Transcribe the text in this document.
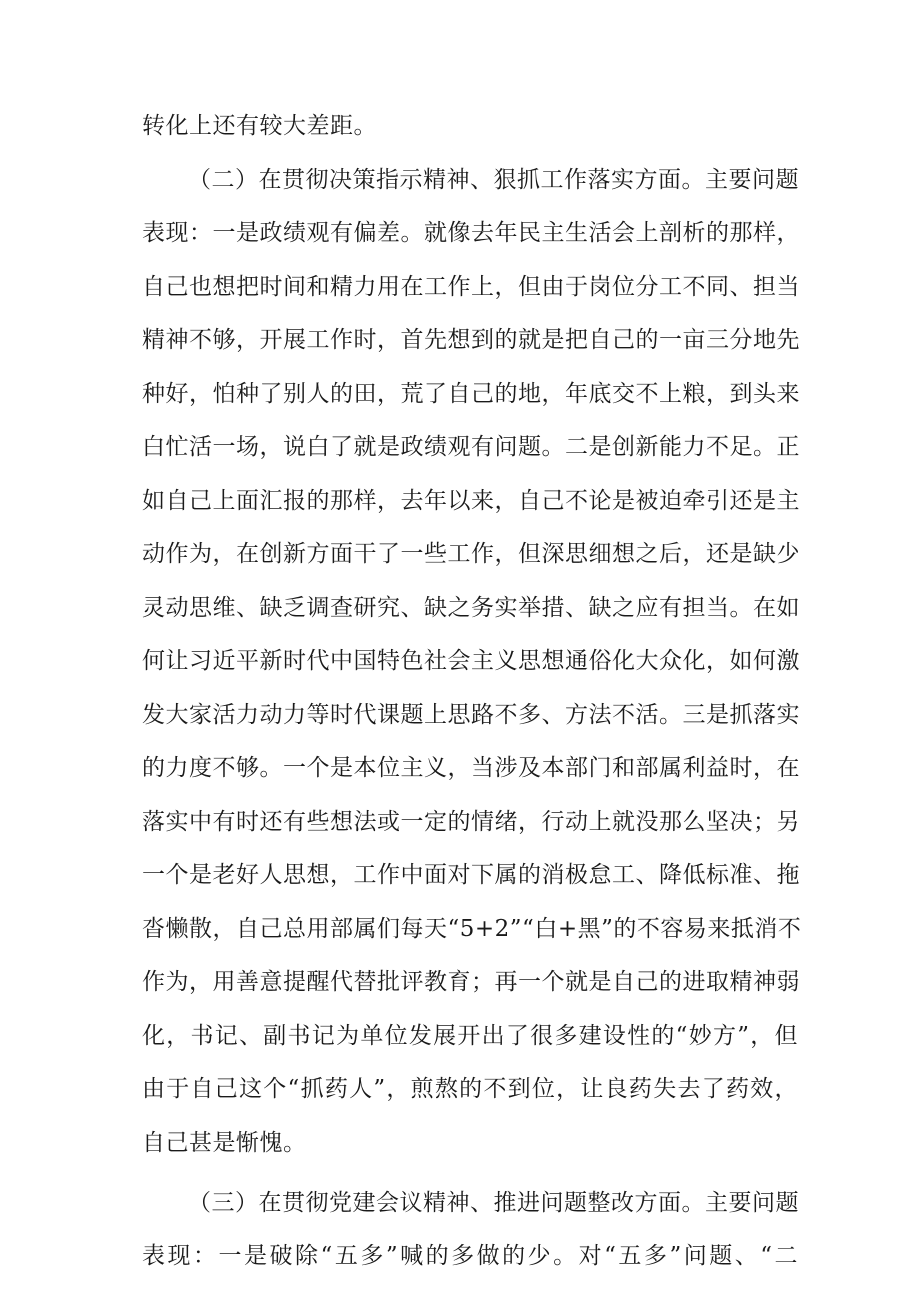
转化上还有较大差距。
（二）在贯彻决策指示精神、狠抓工作落实方面。主要问题
表现：一是政绩观有偏差。就像去年民主生活会上剖析的那样，
自己也想把时间和精力用在工作上，但由于岗位分工不同、担当
精神不够，开展工作时，首先想到的就是把自己的一亩三分地先
种好，怕种了别人的田，荒了自己的地，年底交不上粮，到头来
白忙活一场，说白了就是政绩观有问题。二是创新能力不足。正
如自己上面汇报的那样，去年以来，自己不论是被迫牵引还是主
动作为，在创新方面干了一些工作，但深思细想之后，还是缺少
灵动思维、缺乏调查研究、缺之务实举措、缺之应有担当。在如
何让习近平新时代中国特色社会主义思想通俗化大众化，如何激
发大家活力动力等时代课题上思路不多、方法不活。三是抓落实
的力度不够。一个是本位主义，当涉及本部门和部属利益时，在
落实中有时还有些想法或一定的情绪，行动上就没那么坚决；另
一个是老好人思想，工作中面对下属的消极怠工、降低标准、拖
沓懒散，自己总用部属们每天“5+2”“白+黑”的不容易来抵消不
作为，用善意提醒代替批评教育；再一个就是自己的进取精神弱
化，书记、副书记为单位发展开出了很多建设性的“妙方”，但
由于自己这个“抓药人”，煎熬的不到位，让良药失去了药效，
自己甚是惭愧。
（三）在贯彻党建会议精神、推进问题整改方面。主要问题
表现：一是破除“五多”喊的多做的少。对“五多”问题、“二
